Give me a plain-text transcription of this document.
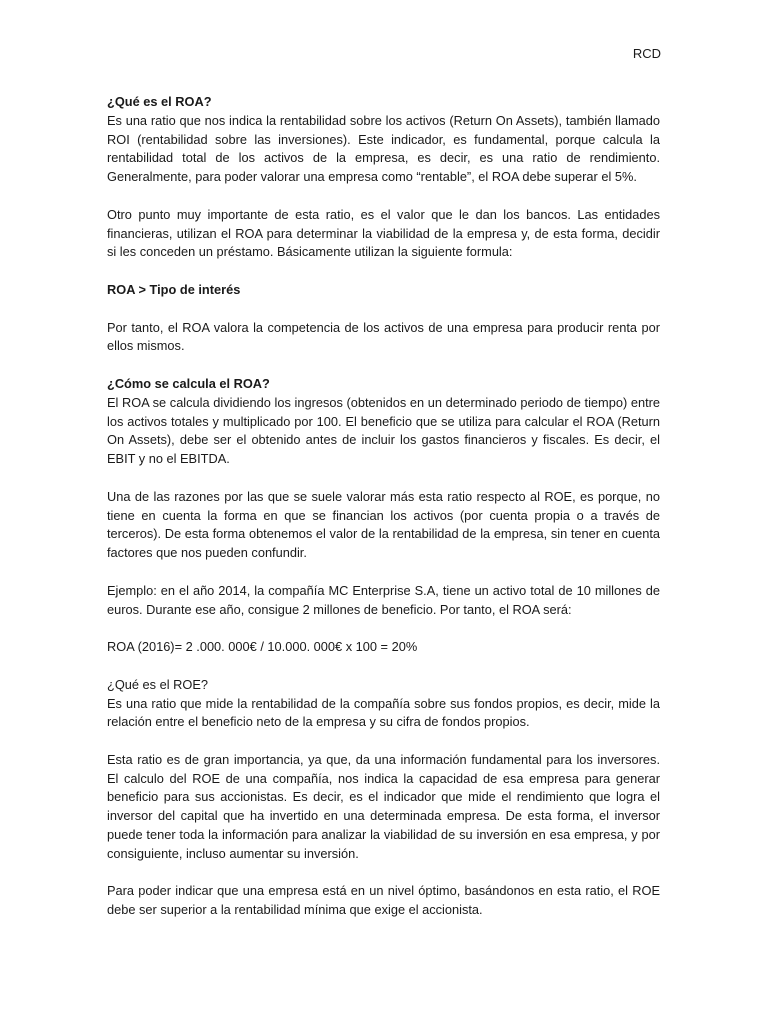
RCD
¿Qué es el ROA?

Es una ratio que nos indica la rentabilidad sobre los activos (Return On Assets), también llamado ROI (rentabilidad sobre las inversiones). Este indicador, es fundamental, porque calcula la rentabilidad total de los activos de la empresa, es decir, es una ratio de rendimiento. Generalmente, para poder valorar una empresa como “rentable”, el ROA debe superar el 5%.

Otro punto muy importante de esta ratio, es el valor que le dan los bancos. Las entidades financieras, utilizan el ROA para determinar la viabilidad de la empresa y, de esta forma, decidir si les conceden un préstamo. Básicamente utilizan la siguiente formula:

ROA > Tipo de interés

Por tanto, el ROA valora la competencia de los activos de una empresa para producir renta por ellos mismos.

¿Cómo se calcula el ROA?

El ROA se calcula dividiendo los ingresos (obtenidos en un determinado periodo de tiempo) entre los activos totales y multiplicado por 100. El beneficio que se utiliza para calcular el ROA (Return On Assets), debe ser el obtenido antes de incluir los gastos financieros y fiscales. Es decir, el EBIT y no el EBITDA.

Una de las razones por las que se suele valorar más esta ratio respecto al ROE, es porque, no tiene en cuenta la forma en que se financian los activos (por cuenta propia o a través de terceros). De esta forma obtenemos el valor de la rentabilidad de la empresa, sin tener en cuenta factores que nos pueden confundir.

Ejemplo: en el año 2014, la compañía MC Enterprise S.A, tiene un activo total de 10 millones de euros. Durante ese año, consigue 2 millones de beneficio. Por tanto, el ROA será:

ROA (2016)= 2 .000. 000€ / 10.000. 000€ x 100 = 20%

¿Qué es el ROE?

Es una ratio que mide la rentabilidad de la compañía sobre sus fondos propios, es decir, mide la relación entre el beneficio neto de la empresa y su cifra de fondos propios.

Esta ratio es de gran importancia, ya que, da una información fundamental para los inversores. El calculo del ROE de una compañía, nos indica la capacidad de esa empresa para generar beneficio para sus accionistas. Es decir, es el indicador que mide el rendimiento que logra el inversor del capital que ha invertido en una determinada empresa. De esta forma, el inversor puede tener toda la información para analizar la viabilidad de su inversión en esa empresa, y por consiguiente, incluso aumentar su inversión.

Para poder indicar que una empresa está en un nivel óptimo, basándonos en esta ratio, el ROE debe ser superior a la rentabilidad mínima que exige el accionista.
